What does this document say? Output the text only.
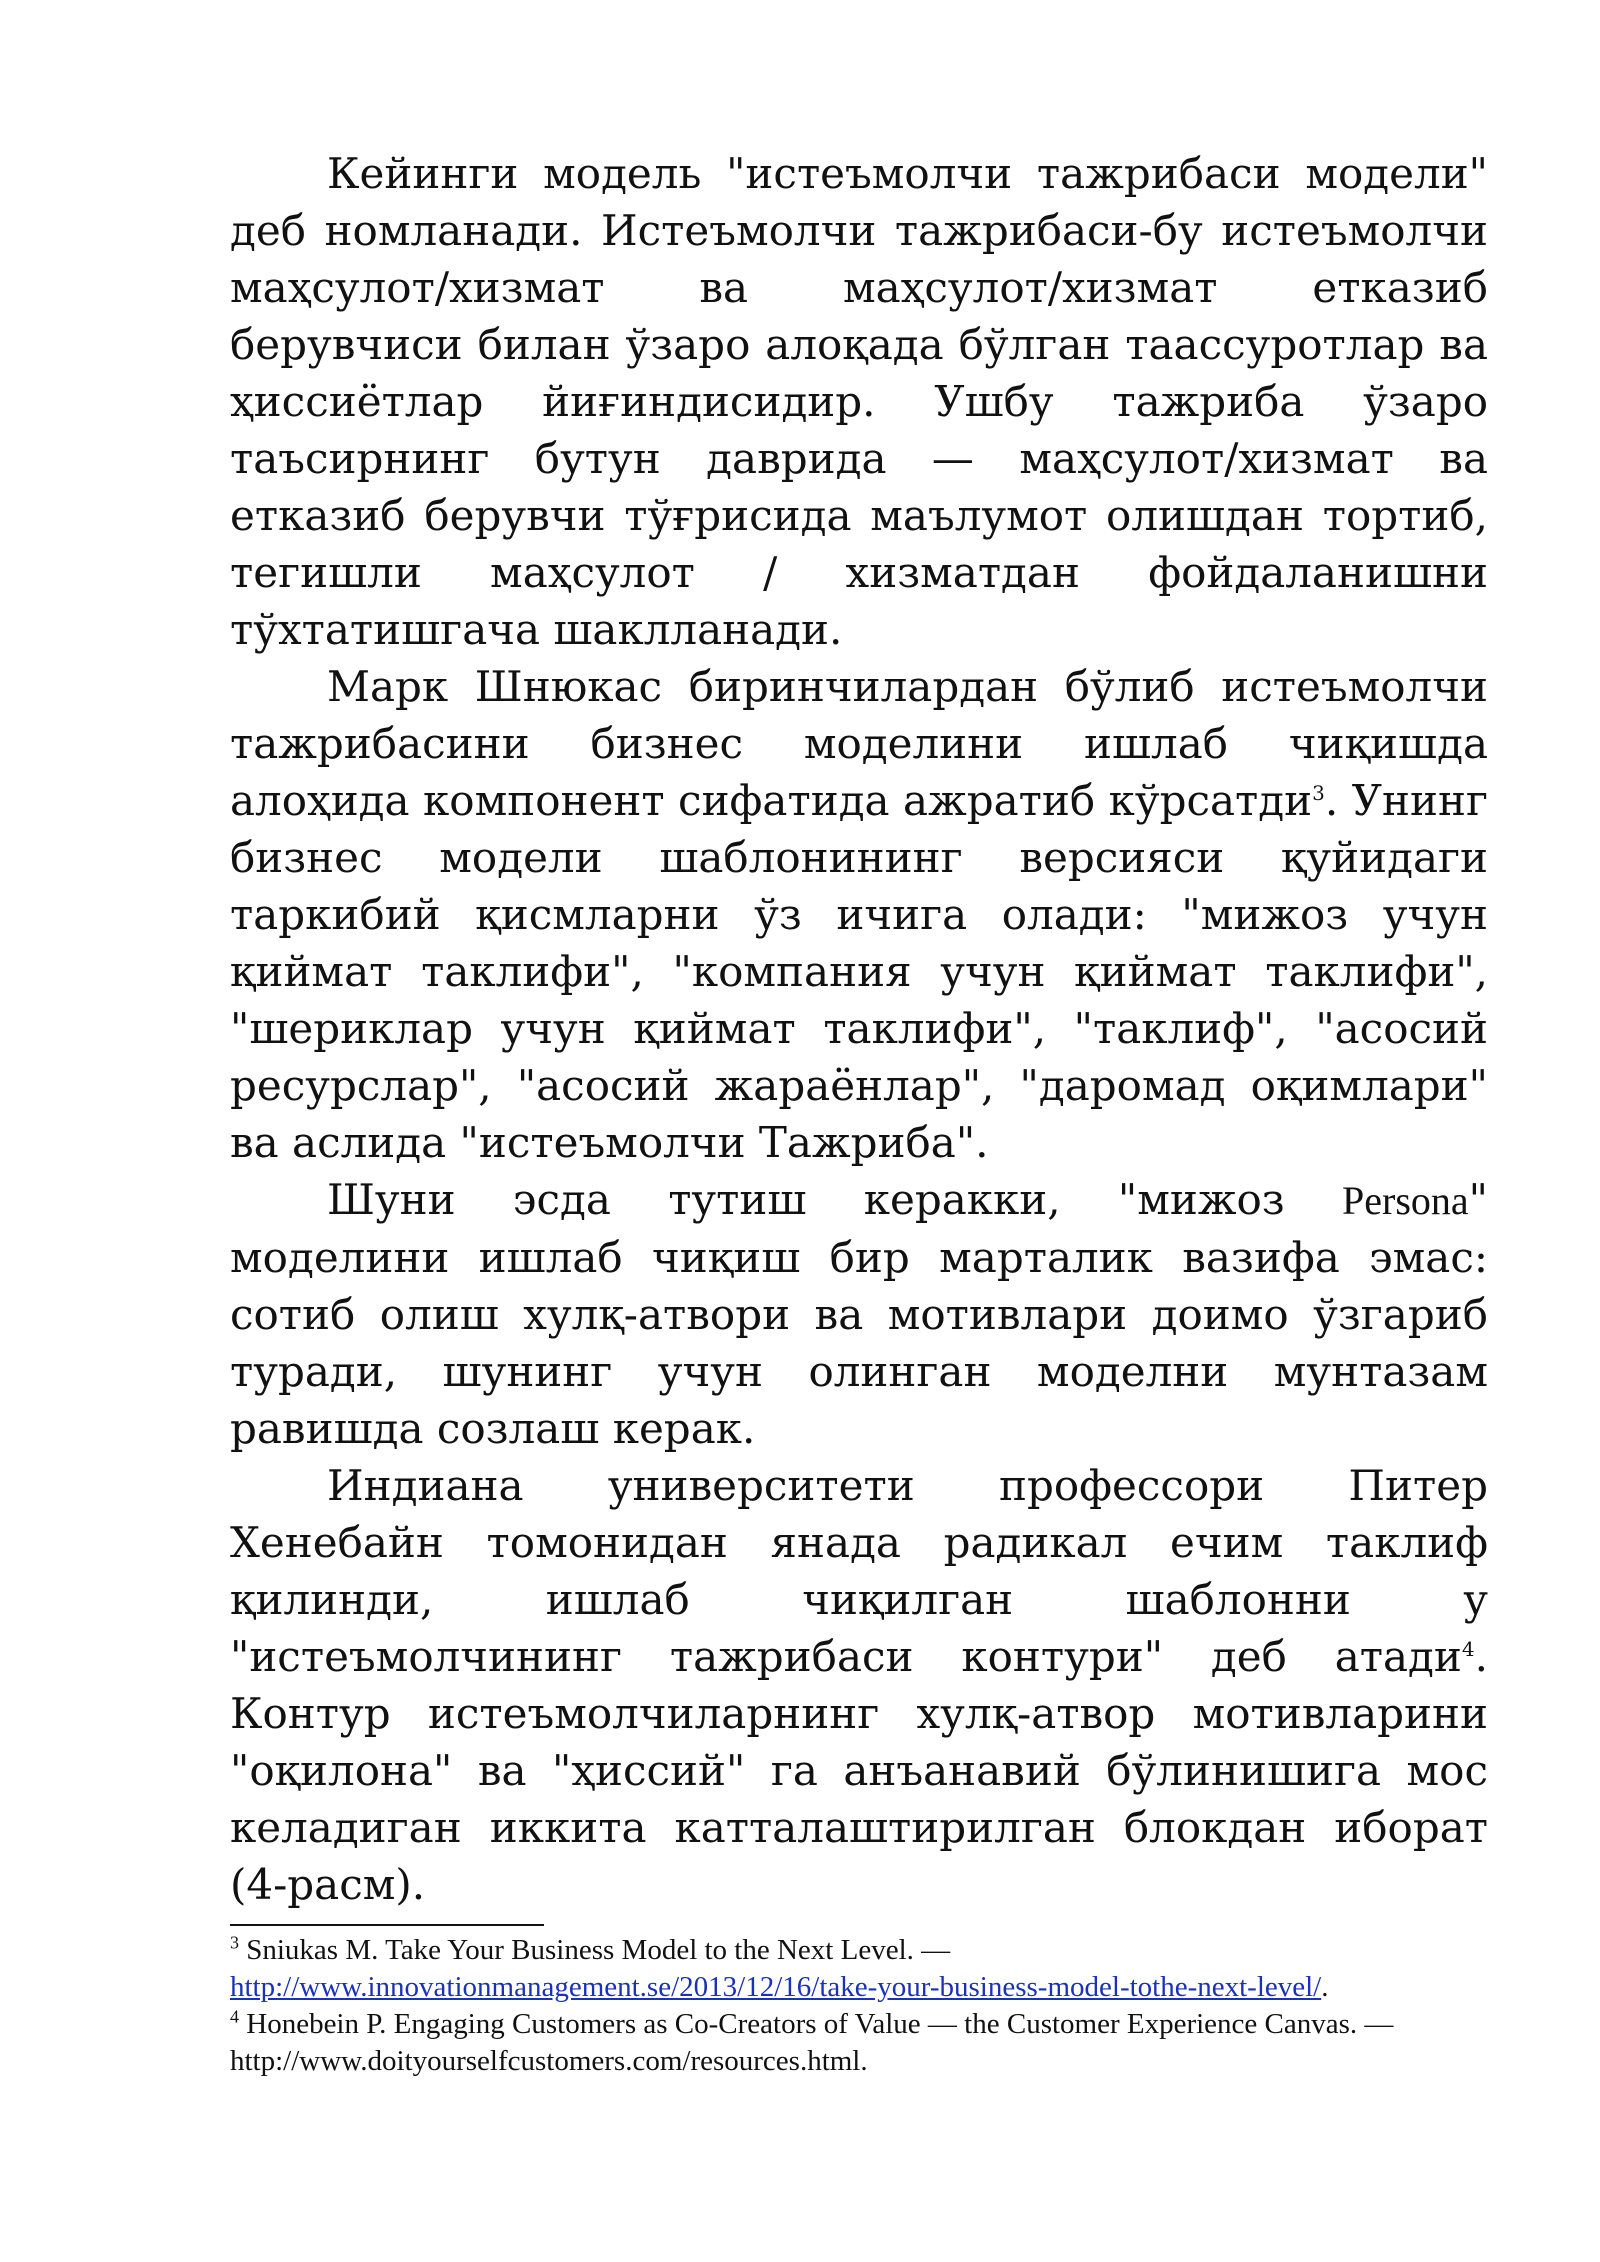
Кейинги модель "истеъмолчи тажрибаси модели" деб номланади. Истеъмолчи тажрибаси-бу истеъмолчи маҳсулот/хизмат ва маҳсулот/хизмат етказиб берувчиси билан ўзаро алоқада бўлган таассуротлар ва ҳиссиётлар йиғиндисидир. Ушбу тажриба ўзаро таъсирнинг бутун даврида — маҳсулот/хизмат ва етказиб берувчи тўғрисида маълумот олишдан тортиб, тегишли маҳсулот / хизматдан фойдаланишни тўхтатишгача шаклланади.

Марк Шнюкас биринчилардан бўлиб истеъмолчи тажрибасини бизнес моделини ишлаб чиқишда алоҳида компонент сифатида ажратиб кўрсатди$^3$. Унинг бизнес модели шаблонининг версияси қуйидаги таркибий қисмларни ўз ичига олади: "мижоз учун қиймат таклифи", "компания учун қиймат таклифи", "шериклар учун қиймат таклифи", "таклиф", "асосий ресурслар", "асосий жараёнлар", "даромад оқимлари" ва аслида "истеъмолчи Тажриба".

Шуни эсда тутиш керакки, "мижоз Persona" моделини ишлаб чиқиш бир марталик вазифа эмас: сотиб олиш хулқ-атвори ва мотивлари доимо ўзгариб туради, шунинг учун олинган моделни мунтазам равишда созлаш керак.

Индиана университети профессори Питер Хенебайн томонидан янада радикал ечим таклиф қилинди, ишлаб чиқилган шаблонни у "истеъмолчининг тажрибаси контури" деб атади$^4$. Контур истеъмолчиларнинг хулқ-атвор мотивларини "оқилона" ва "ҳиссий" га анъанавий бўлинишига мос келадиган иккита катталаштирилган блокдан иборат (4-расм).

$^3$ Sniukas M. Take Your Business Model to the Next Level. — http://www.innovationmanagement.se/2013/12/16/take-your-business-model-tothe-next-level/.

$^4$ Honebein P. Engaging Customers as Co-Creators of Value — the Customer Experience Canvas. — http://www.doityourselfcustomers.com/resources.html.
